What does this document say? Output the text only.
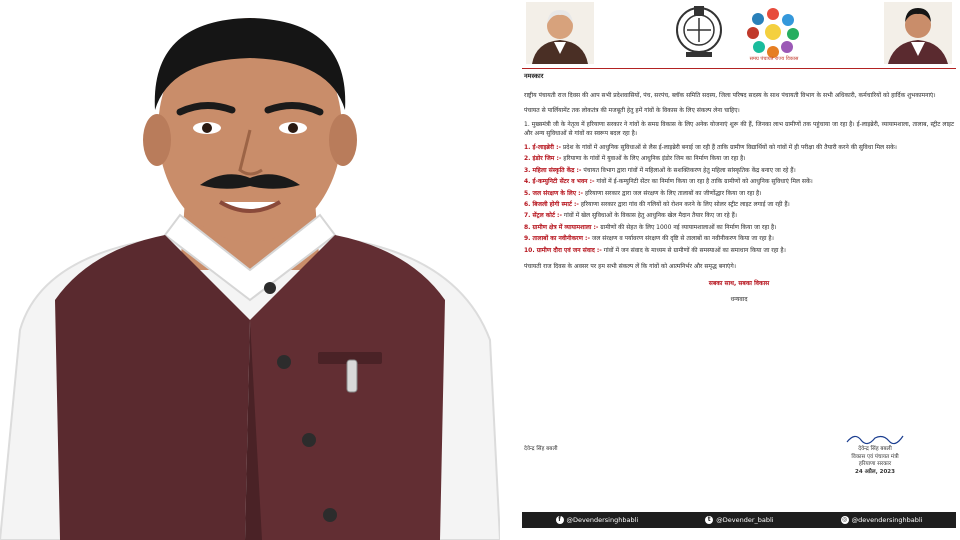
समग्र पंचायत राज्य विकास
नमस्कार
राष्ट्रीय पंचायती राज दिवस की आप सभी प्रदेशवासियों, पंच, सरपंच, ब्लॉक समिति सदस्य, जिला परिषद सदस्य के साथ पंचायती विभाग के सभी अधिकारी, कर्मचारियों को हार्दिक शुभकामनाएं।
पंचायत से पार्लियामेंट तक लोकतंत्र की मजबूती हेतु हमें गांवों के विकास के लिए संकल्प लेना चाहिए।
1. मुख्यमंत्री जी के नेतृत्व में हरियाणा सरकार ने गांवों के समग्र विकास के लिए अनेक योजनाएं शुरू की हैं, जिनका लाभ ग्रामीणों तक पहुंचाया जा रहा है। ई-लाइब्रेरी, व्यायामशाला, तालाब, स्ट्रीट लाइट और अन्य सुविधाओं से गांवों का स्वरूप बदल रहा है।
1. ई-लाइब्रेरी :- प्रदेश के गांवों में आधुनिक सुविधाओं से लैस ई-लाइब्रेरी बनाई जा रही हैं ताकि ग्रामीण विद्यार्थियों को गांवों में ही परीक्षा की तैयारी करने की सुविधा मिल सके।
2. इंडोर जिम :- हरियाणा के गांवों में युवाओं के लिए आधुनिक इंडोर जिम का निर्माण किया जा रहा है।
3. महिला संस्कृति केंद्र :- पंचायत विभाग द्वारा गांवों में महिलाओं के सशक्तिकरण हेतु महिला सांस्कृतिक केंद्र बनाए जा रहे हैं।
4. ई-कम्युनिटी सेंटर व भवन :- गांवों में ई-कम्युनिटी सेंटर का निर्माण किया जा रहा है ताकि ग्रामीणों को आधुनिक सुविधाएं मिल सकें।
5. जल संरक्षण के लिए :- हरियाणा सरकार द्वारा जल संरक्षण के लिए तालाबों का जीर्णोद्धार किया जा रहा है।
6. बिजली होगी स्मार्ट :- हरियाणा सरकार द्वारा गांव की गलियों को रोशन करने के लिए सोलर स्ट्रीट लाइट लगाई जा रही हैं।
7. सेंट्रल कोर्ट :- गांवों में खेल सुविधाओं के विकास हेतु आधुनिक खेल मैदान तैयार किए जा रहे हैं।
8. ग्रामीण क्षेत्र में व्यायामशाला :- ग्रामीणों की सेहत के लिए 1000 नई व्यायामशालाओं का निर्माण किया जा रहा है।
9. तालाबों का नवीनीकरण :- जल संरक्षण व पर्यावरण संरक्षण की दृष्टि से तालाबों का नवीनीकरण किया जा रहा है।
10. ग्रामीण दौरा एवं जन संवाद :- गांवों में जन संवाद के माध्यम से ग्रामीणों की समस्याओं का समाधान किया जा रहा है।
पंचायती राज दिवस के अवसर पर हम सभी संकल्प लें कि गांवों को आत्मनिर्भर और समृद्ध बनाएंगे।
सबका साथ, सबका विकास
धन्यवाद
देवेन्द्र सिंह बबली	देवेन्द्र सिंह बबली
विकास एवं पंचायत मंत्री
हरियाणा सरकार
24 अप्रैल, 2023
f @Devendersinghbabli	t @Devender_babli	◎ @devendersinghbabli
